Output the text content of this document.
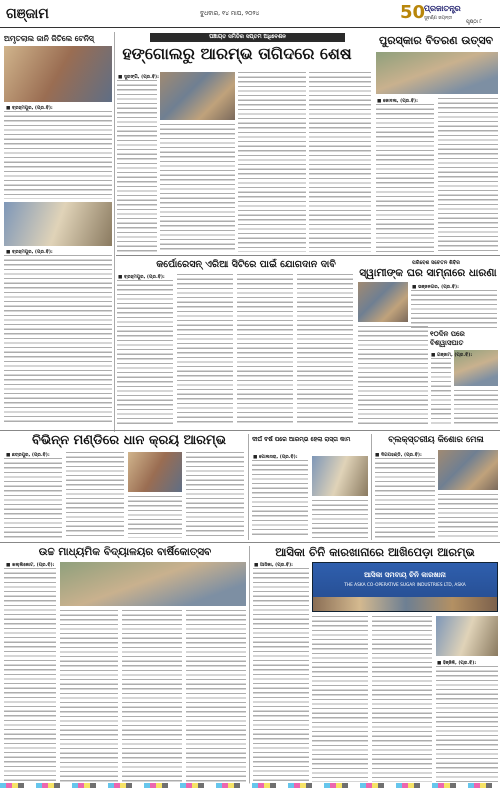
ଗଞ୍ଜାମ	ବୁଧବାର, ୧୪ ମାଘ, ୨୦୨୪	50
ପ୍ରଜାତନ୍ତ୍ର
ସୁବର୍ଣ୍ଣ ଜୟନ୍ତୀ
ପୃଷ୍ଠା ୮
ପଞ୍ଚାୟତ ସମିତିର ସପ୍ତମ ଅଧିବେଶନ
ହଙ୍ଗୋଲରୁ ଆରମ୍ଭ ତାଗିଦରେ ଶେଷ
■ ସୁରଙ୍ଗି, (ପ୍ର.ବି):
ପୁରସ୍କାର ବିତରଣ ଉତ୍ସବ
■ କୋଦଳା, (ପ୍ର.ବି):
ଅମୃତଲାଲ ଜାନି ଜିତିଲେ ଟେନିସ୍
■ ବ୍ରହ୍ମପୁର, (ପ୍ର.ବି):
■ ବ୍ରହ୍ମପୁର, (ପ୍ର.ବି):
କର୍ପୋରେସନ୍ ଏରିଆ ସିଟିରେ ପାଇଁ ଯୋଗଦାନ ଦାବି
■ ବ୍ରହ୍ମପୁର, (ପ୍ର.ବି):
ପରିବେଶ ସଚେତନ ଶିବିର
ସ୍ୱାମୀଙ୍କ ଘର ସାମ୍ନାରେ ଧାରଣା
■ ଭଞ୍ଜନଗର, (ପ୍ର.ବି):
୧୦ଦିନ ପରେ ବିଶ୍ୱାସଘାତ
■ ଗଞ୍ଜାମ, (ପ୍ର.ବି):
ବିଭିନ୍ନ ମଣ୍ଡିରେ ଧାନ କ୍ରୟ ଆରମ୍ଭ
■ ଛତ୍ରପୁର, (ପ୍ର.ବି):
ଦୀର୍ଘ ବର୍ଷ ପରେ ଆରମ୍ଭ ହେଲା ରାସ୍ତା କାମ
■ ପୋଲସରା, (ପ୍ର.ବି):
ବ୍ଲକ୍‌ସ୍ତରୀୟ କିଶୋର ମେଳା
■ ଦିଗପହଣ୍ଡି, (ପ୍ର.ବି):
ଉଚ୍ଚ ମାଧ୍ୟମିକ ବିଦ୍ୟାଳୟର ବାର୍ଷିକୋତ୍ସବ
■ ଖଲ୍ଲିକୋଟ, (ପ୍ର.ବି):
ଆସିକା ଚିନି କାରଖାନାରେ ଆଖିପେଡ଼ା ଆରମ୍ଭ
■ ଆସିକା, (ପ୍ର.ବି):
ଆସିକା ସମବାୟ ଚିନି କାରଖାନା
THE ASKA CO-OPERATIVE SUGAR INDUSTRIES LTD, ASKA
■ ହିଞ୍ଜିଳି, (ପ୍ର.ବି):
